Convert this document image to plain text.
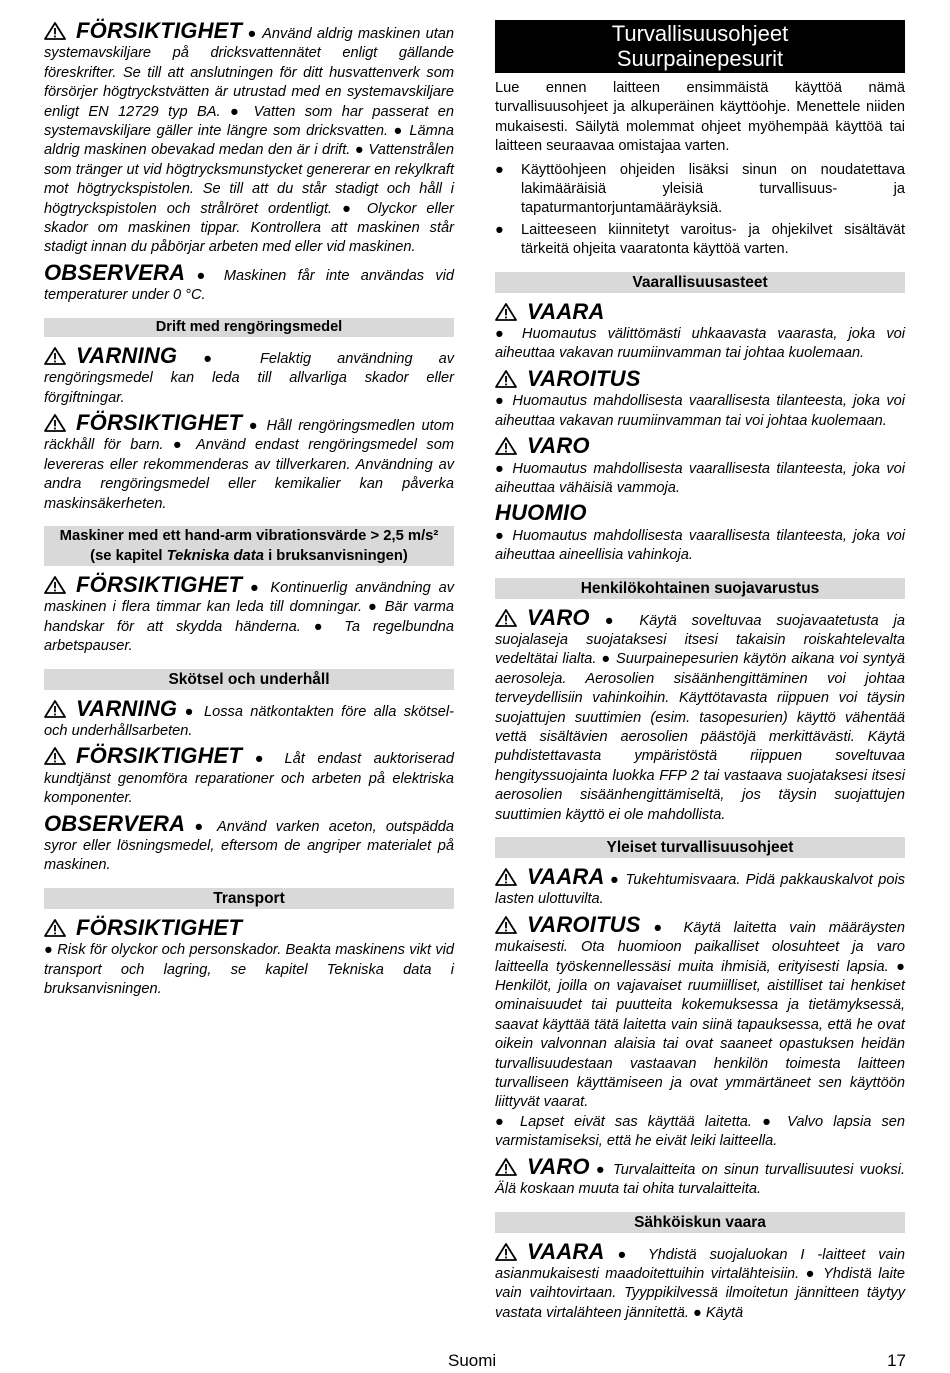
FÖRSIKTIGHET ● Använd aldrig maskinen utan systemavskiljare på dricksvattennätet enligt gällande föreskrifter. Se till att anslutningen för ditt husvattenverk som försörjer högtryckstvätten är utrustad med en systemavskiljare enligt EN 12729 typ BA. ● Vatten som har passerat en systemavskiljare gäller inte längre som dricksvatten. ● Lämna aldrig maskinen obevakad medan den är i drift. ● Vattenstrålen som tränger ut vid högtrycksmunstycket genererar en rekylkraft mot högtryckspistolen. Se till att du står stadigt och håll i högtryckspistolen och strålröret ordentligt. ● Olyckor eller skador om maskinen tippar. Kontrollera att maskinen står stadigt innan du påbörjar arbeten med eller vid maskinen.

OBSERVERA ● Maskinen får inte användas vid temperaturer under 0 °C.

Drift med rengöringsmedel

VARNING ● Felaktig användning av rengöringsmedel kan leda till allvarliga skador eller förgiftningar.

FÖRSIKTIGHET ● Håll rengöringsmedlen utom räckhåll för barn. ● Använd endast rengöringsmedel som levereras eller rekommenderas av tillverkaren. Användning av andra rengöringsmedel eller kemikalier kan påverka maskinsäkerheten.

Maskiner med ett hand-arm vibrationsvärde > 2,5 m/s² (se kapitel Tekniska data i bruksanvisningen)

FÖRSIKTIGHET ● Kontinuerlig användning av maskinen i flera timmar kan leda till domningar. ● Bär varma handskar för att skydda händerna. ● Ta regelbundna arbetspauser.

Skötsel och underhåll

VARNING ● Lossa nätkontakten före alla skötsel- och underhållsarbeten.

FÖRSIKTIGHET ● Låt endast auktoriserad kundtjänst genomföra reparationer och arbeten på elektriska komponenter.

OBSERVERA ● Använd varken aceton, outspädda syror eller lösningsmedel, eftersom de angriper materialet på maskinen.

Transport

FÖRSIKTIGHET
● Risk för olyckor och personskador. Beakta maskinens vikt vid transport och lagring, se kapitel Tekniska data i bruksanvisningen.

Turvallisuusohjeet
Suurpainepesurit

Lue ennen laitteen ensimmäistä käyttöä nämä turvallisuusohjeet ja alkuperäinen käyttöohje. Menettele niiden mukaisesti. Säilytä molemmat ohjeet myöhempää käyttöä tai laitteen seuraavaa omistajaa varten.

●	Käyttöohjeen ohjeiden lisäksi sinun on noudatettava lakimääräisiä yleisiä turvallisuus- ja tapaturmantorjuntamääräyksiä.
●	Laitteeseen kiinnitetyt varoitus- ja ohjekilvet sisältävät tärkeitä ohjeita vaaratonta käyttöä varten.
Vaarallisuusasteet

VAARA
● Huomautus välittömästi uhkaavasta vaarasta, joka voi aiheuttaa vakavan ruumiinvamman tai johtaa kuolemaan.

VAROITUS
● Huomautus mahdollisesta vaarallisesta tilanteesta, joka voi aiheuttaa vakavan ruumiinvamman tai voi johtaa kuolemaan.

VARO
● Huomautus mahdollisesta vaarallisesta tilanteesta, joka voi aiheuttaa vähäisiä vammoja.

HUOMIO
● Huomautus mahdollisesta vaarallisesta tilanteesta, joka voi aiheuttaa aineellisia vahinkoja.

Henkilökohtainen suojavarustus

VARO ● Käytä soveltuvaa suojavaatetusta ja suojalaseja suojataksesi itsesi takaisin roiskahtelevalta vedeltätai lialta. ● Suurpainepesurien käytön aikana voi syntyä aerosoleja. Aerosolien sisäänhengittäminen voi johtaa terveydellisiin vahinkoihin. Käyttötavasta riippuen voi täysin suojattujen suuttimien (esim. tasopesurien) käyttö vähentää vettä sisältävien aerosolien päästöjä merkittävästi. Käytä puhdistettavasta ympäristöstä riippuen soveltuvaa hengityssuojainta luokka FFP 2 tai vastaava suojataksesi itsesi aerosolien sisäänhengittämiseltä, jos täysin suojattujen suuttimien käyttö ei ole mahdollista.

Yleiset turvallisuusohjeet

VAARA ● Tukehtumisvaara. Pidä pakkauskalvot pois lasten ulottuvilta.

VAROITUS ● Käytä laitetta vain määräysten mukaisesti. Ota huomioon paikalliset olosuhteet ja varo laitteella työskennellessäsi muita ihmisiä, erityisesti lapsia. ● Henkilöt, joilla on vajavaiset ruumiilliset, aistilliset tai henkiset ominaisuudet tai puutteita kokemuksessa ja tietämyksessä, saavat käyttää tätä laitetta vain siinä tapauksessa, että he ovat oikein valvonnan alaisia tai ovat saaneet opastuksen heidän turvallisuudestaan vastaavan henkilön toimesta laitteen turvalliseen käyttämiseen ja ovat ymmärtäneet sen käyttöön liittyvät vaarat.
● Lapset eivät sas käyttää laitetta. ● Valvo lapsia sen varmistamiseksi, että he eivät leiki laitteella.

VARO ● Turvalaitteita on sinun turvallisuutesi vuoksi. Älä koskaan muuta tai ohita turvalaitteita.

Sähköiskun vaara

VAARA ● Yhdistä suojaluokan I -laitteet vain asianmukaisesti maadoitettuihin virtalähteisiin. ● Yhdistä laite vain vaihtovirtaan. Tyyppikilvessä ilmoitetun jännitteen täytyy vastata virtalähteen jännitettä. ● Käytä

Suomi	17
